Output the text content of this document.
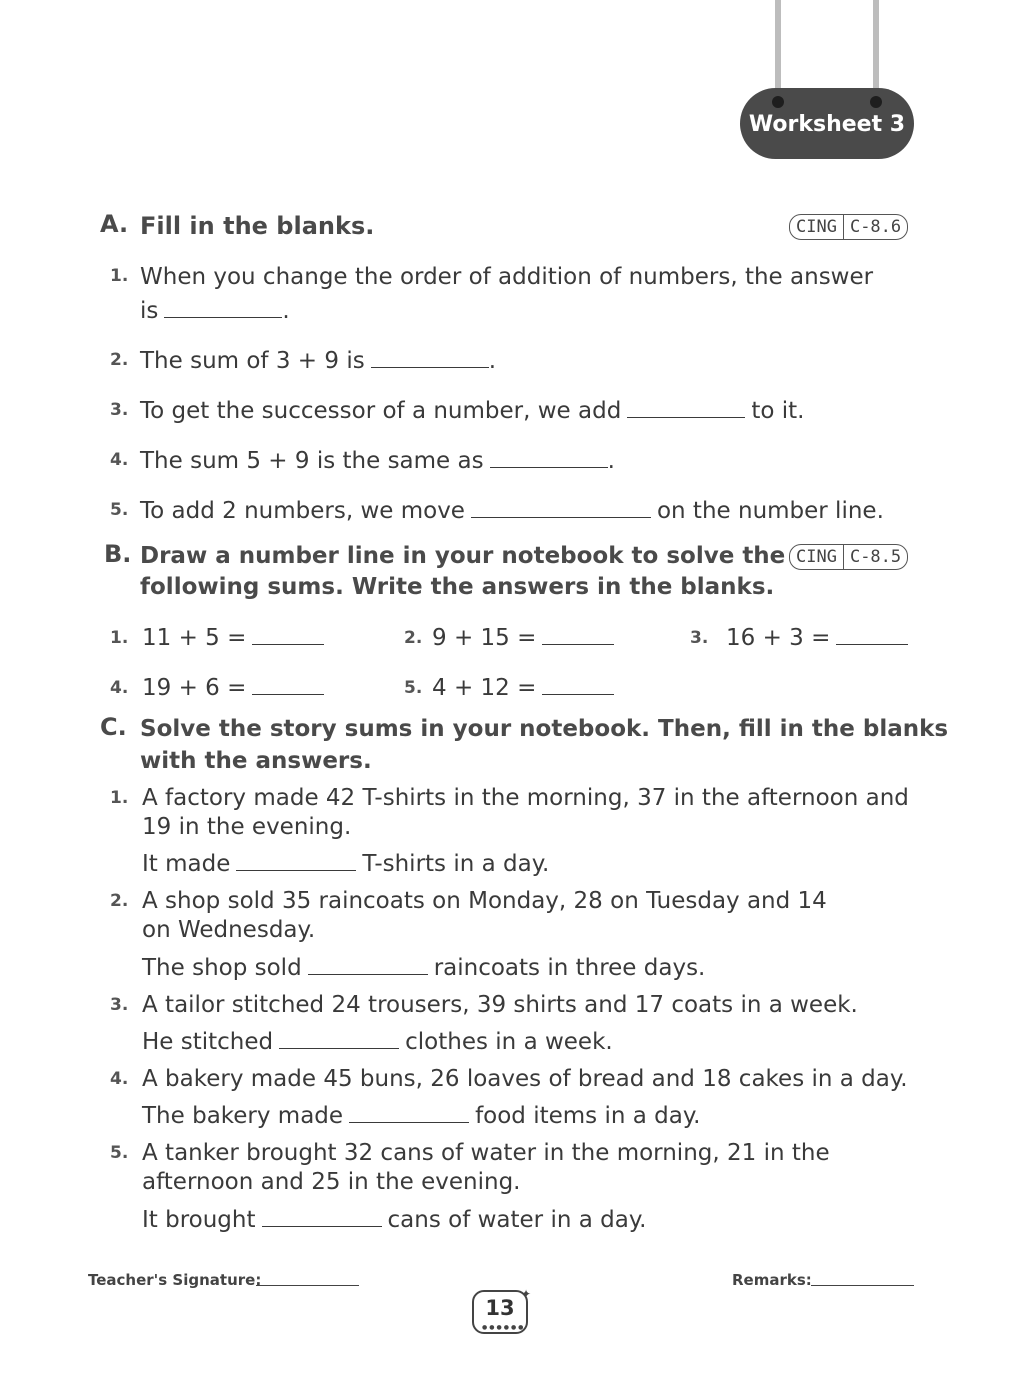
Worksheet 3
A. Fill in the blanks.	CING C-8.6
1. When you change the order of addition of numbers, the answer
is	.
2. The sum of 3 + 9 is	.
3. To get the successor of a number, we add	to it.
4. The sum 5 + 9 is the same as	.
5. To add 2 numbers, we move	on the number line.
B. Draw a number line in your notebook to solve the
following sums. Write the answers in the blanks.
CING C-8.5
1. 11 + 5 =	2. 9 + 15 =	3. 16 + 3 =
4. 19 + 6 =	5. 4 + 12 =
C. Solve the story sums in your notebook. Then, fill in the blanks
with the answers.
1. A factory made 42 T-shirts in the morning, 37 in the afternoon and
19 in the evening.
It made	T-shirts in a day.
2. A shop sold 35 raincoats on Monday, 28 on Tuesday and 14
on Wednesday.
The shop sold	raincoats in three days.
3. A tailor stitched 24 trousers, 39 shirts and 17 coats in a week.
He stitched	clothes in a week.
4. A bakery made 45 buns, 26 loaves of bread and 18 cakes in a day.
The bakery made	food items in a day.
5. A tanker brought 32 cans of water in the morning, 21 in the
afternoon and 25 in the evening.
It brought	cans of water in a day.
Teacher's Signature:	Remarks:
13
●●●●●●
✦
